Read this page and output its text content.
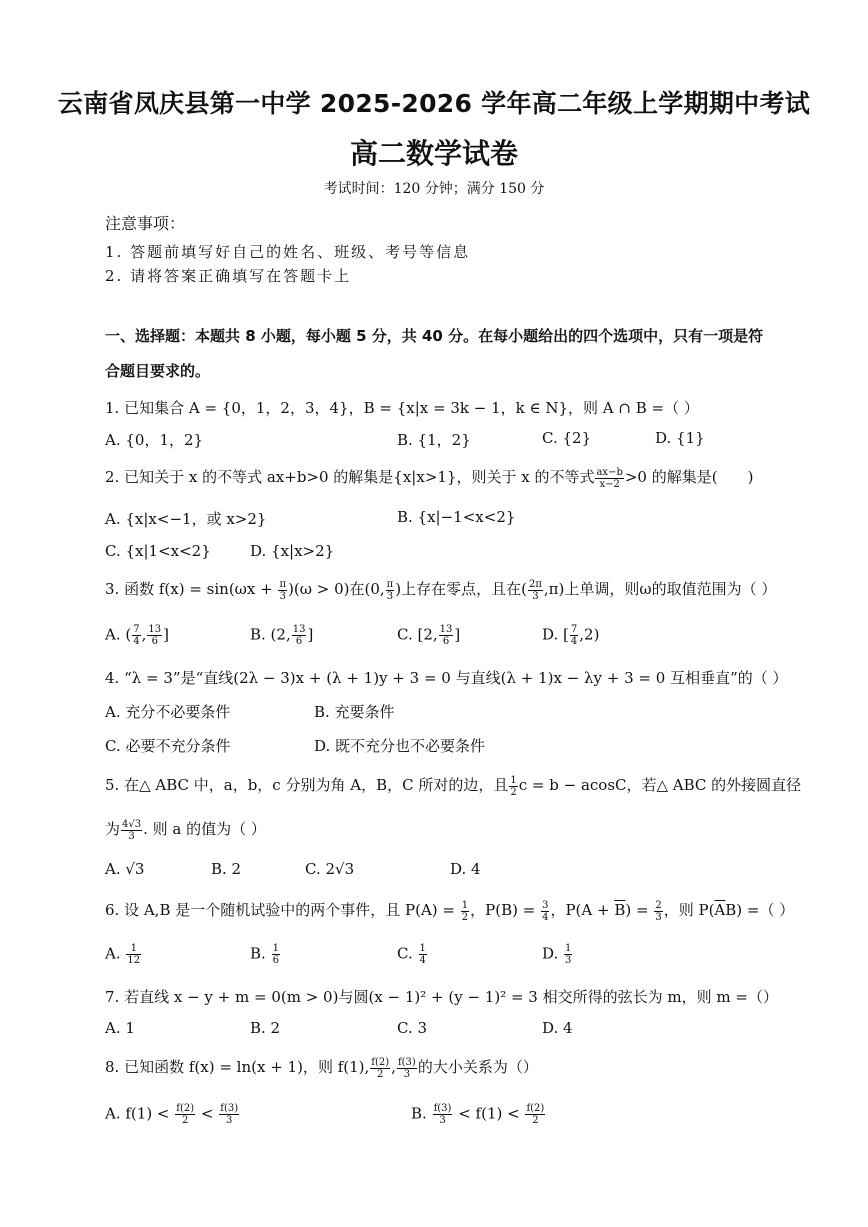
云南省凤庆县第一中学 2025-2026 学年高二年级上学期期中考试
高二数学试卷
考试时间：120 分钟；满分 150 分
注意事项：
1. 答题前填写好自己的姓名、班级、考号等信息
2. 请将答案正确填写在答题卡上
一、选择题：本题共 8 小题，每小题 5 分，共 40 分。在每小题给出的四个选项中，只有一项是符
合题目要求的。
1. 已知集合 A = {0，1，2，3，4}，B = {x|x = 3k − 1，k ∈ N}，则 A ∩ B =（ ）
A. {0，1，2}	B. {1，2}	C. {2}	D. {1}
2. 已知关于 x 的不等式 ax+b>0 的解集是{x|x>1}，则关于 x 的不等式 $\frac{ax-b}{x-2} >0$ 的解集是(　　)
A. {x|x<−1，或 x>2}	B. {x|−1<x<2}
C. {x|1<x<2}	D. {x|x>2}
3. 函数 $f(x) = \sin(\omega x + \frac{\pi}{3} )(\omega > 0)$在(0, $\frac{\pi}{3}$ )上存在零点，且在( $\frac{2\pi}{3} ,\pi$)上单调，则ω的取值范围为（ ）
A. ( $\frac{7}{4}$ , $\frac{13}{6}$ ]	B. (2, $\frac{13}{6}$ ]	C. [2, $\frac{13}{6}$ ]	D. [ $\frac{7}{4} ,2$)
4. “λ = 3”是“直线(2λ − 3)x + (λ + 1)y + 3 = 0 与直线(λ + 1)x − λy + 3 = 0 互相垂直”的（ ）
A. 充分不必要条件	B. 充要条件
C. 必要不充分条件	D. 既不充分也不必要条件
5. 在△ ABC 中，a，b，c 分别为角 A，B，C 所对的边，且 $\frac{1}{2}$ c = b − acosC，若△ ABC 的外接圆直径
为 $\frac{4√3}{3}$ . 则 a 的值为（ ）
A. √3	B. 2	C. 2√3	D. 4
6. 设 A,B 是一个随机试验中的两个事件，且 $P(A) = \frac{1}{2}$ ，$P(B) = \frac{3}{4}$ ，$P(A + \overline{B}) = \frac{2}{3}$ ，则 $P(\overline{A}B)$ =（ ）
A. $\frac{1}{12}$	B. $\frac{1}{6}$	C. $\frac{1}{4}$	D. $\frac{1}{3}$
7. 若直线 x − y + m = 0(m > 0)与圆(x − 1)² + (y − 1)² = 3 相交所得的弦长为 m，则 m =（）
A. 1	B. 2	C. 3	D. 4
8. 已知函数 f(x) = ln(x + 1)，则 f(1), $\frac{f(2)}{2}$ , $\frac{f(3)}{3}$ 的大小关系为（）
A. $f(1) < \frac{f(2)}{2} < \frac{f(3)}{3}$	B. $\frac{f(3)}{3} < f(1) < \frac{f(2)}{2}$
